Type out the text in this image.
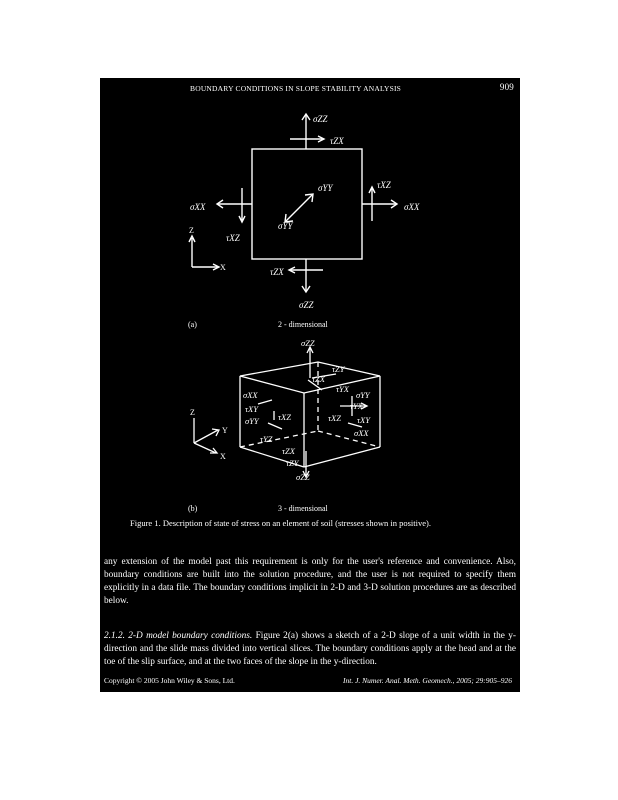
BOUNDARY CONDITIONS IN SLOPE STABILITY ANALYSIS	909
σZZ
τZX
σYY
σYY
τXZ
σXX	σXX
τXZ
τZX
σZZ
Z
X
(a)	2 - dimensional
σZZ
τZY
τZX
τYX
σYY
σXX
τXY
τXZ
τYX
σYY	τXZ τXY
τYZ
σXX
τZX
τZY
σZZ
Z
Y
X
(b)	3 - dimensional
Figure 1. Description of state of stress on an element of soil (stresses shown in positive).

any extension of the model past this requirement is only for the user's reference and convenience. Also, boundary conditions are built into the solution procedure, and the user is not required to specify them explicitly in a data file. The boundary conditions implicit in 2-D and 3-D solution procedures are as described below.

2.1.2. 2-D model boundary conditions. Figure 2(a) shows a sketch of a 2-D slope of a unit width in the y-direction and the slide mass divided into vertical slices. The boundary conditions apply at the head and at the toe of the slip surface, and at the two faces of the slope in the y-direction.

Copyright © 2005 John Wiley & Sons, Ltd.	Int. J. Numer. Anal. Meth. Geomech., 2005; 29:905–926
